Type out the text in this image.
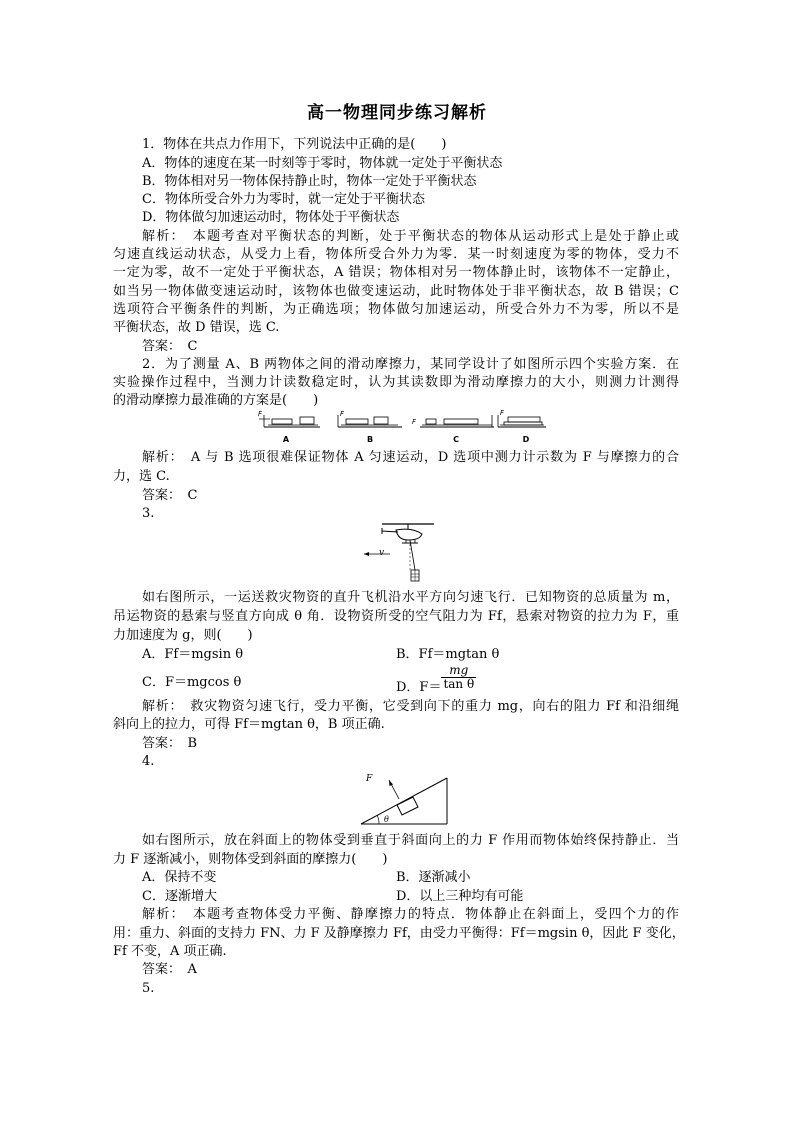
高一物理同步练习解析
1．物体在共点力作用下，下列说法中正确的是(　　)
A．物体的速度在某一时刻等于零时，物体就一定处于平衡状态
B．物体相对另一物体保持静止时，物体一定处于平衡状态
C．物体所受合外力为零时，就一定处于平衡状态
D．物体做匀加速运动时，物体处于平衡状态
解析：　本题考查对平衡状态的判断，处于平衡状态的物体从运动形式上是处于静止或
匀速直线运动状态，从受力上看，物体所受合外力为零．某一时刻速度为零的物体，受力不
一定为零，故不一定处于平衡状态，A 错误；物体相对另一物体静止时，该物体不一定静止，
如当另一物体做变速运动时，该物体也做变速运动，此时物体处于非平衡状态，故 B 错误；C
选项符合平衡条件的判断，为正确选项；物体做匀加速运动，所受合外力不为零，所以不是
平衡状态，故 D 错误，选 C.
答案：　C
2．为了测量 A、B 两物体之间的滑动摩擦力，某同学设计了如图所示四个实验方案．在
实验操作过程中，当测力计读数稳定时，认为其读数即为滑动摩擦力的大小，则测力计测得
的滑动摩擦力最准确的方案是(　　)
F
A
F
B
F
C
F
D
解析：　A 与 B 选项很难保证物体 A 匀速运动，D 选项中测力计示数为 F 与摩擦力的合
力，选 C.
答案：　C
3.
v
如右图所示，一运送救灾物资的直升飞机沿水平方向匀速飞行．已知物资的总质量为 m，
吊运物资的悬索与竖直方向成 θ 角．设物资所受的空气阻力为 Ff，悬索对物资的拉力为 F，重
力加速度为 g，则(　　)
A．Ff＝mgsin θ	B．Ff＝mgtan θ
C．F＝mgcos θ	D．$F= \frac{mg}{\text{tan θ}}$
解析：　救灾物资匀速飞行，受力平衡，它受到向下的重力 mg，向右的阻力 Ff 和沿细绳
斜向上的拉力，可得 Ff＝mgtan θ，B 项正确.
答案：　B
4.
F
θ
如右图所示，放在斜面上的物体受到垂直于斜面向上的力 F 作用而物体始终保持静止．当
力 F 逐渐减小，则物体受到斜面的摩擦力(　　)
A．保持不变	B．逐渐减小
C．逐渐增大	D．以上三种均有可能
解析：　本题考查物体受力平衡、静摩擦力的特点．物体静止在斜面上，受四个力的作
用：重力、斜面的支持力 FN、力 F 及静摩擦力 Ff，由受力平衡得：Ff＝mgsin θ，因此 F 变化，
Ff 不变，A 项正确.
答案：　A
5.
